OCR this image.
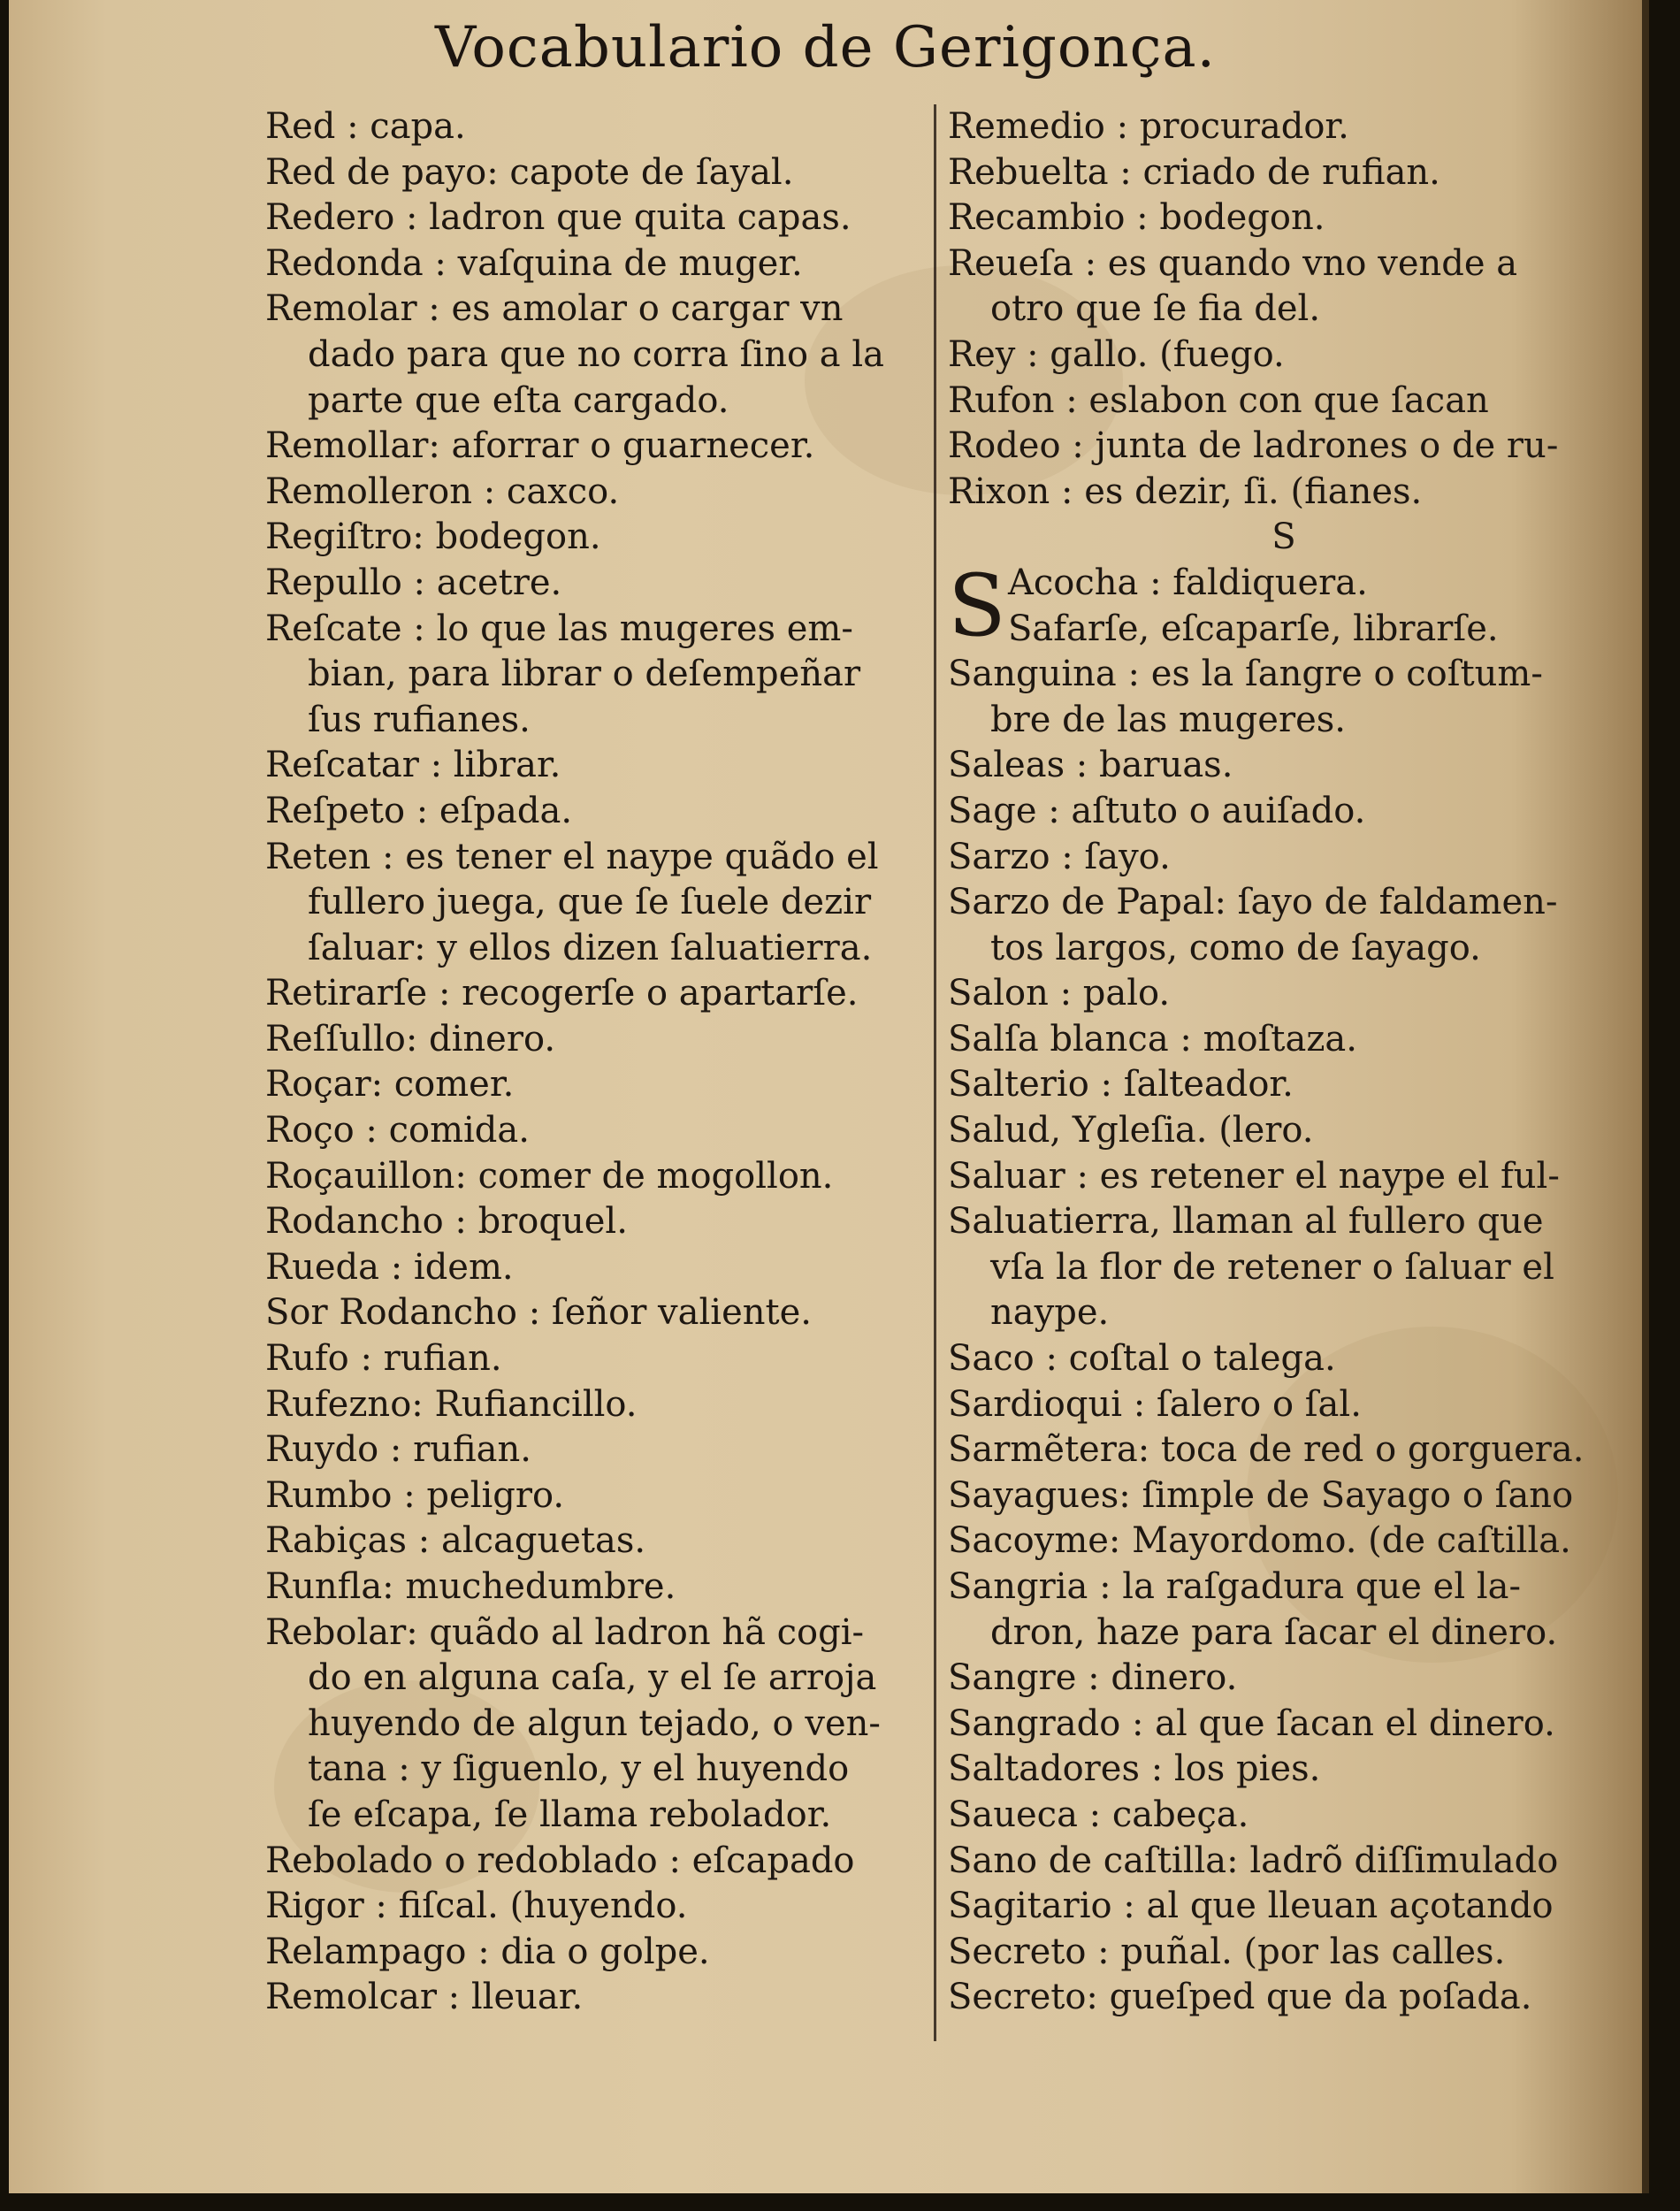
Vocabulario de Gerigonça.
Red : capa.
Red de payo: capote de ſayal.
Redero : ladron que quita capas.
Redonda : vaſquina de muger.
Remolar : es amolar o cargar vn
dado para que no corra ſino a la
parte que eſta cargado.
Remollar: aforrar o guarnecer.
Remolleron : caxco.
Regiſtro: bodegon.
Repullo : acetre.
Reſcate : lo que las mugeres em-
bian, para librar o deſempeñar
ſus rufianes.
Reſcatar : librar.
Reſpeto : eſpada.
Reten : es tener el naype quãdo el
fullero juega, que ſe ſuele dezir
ſaluar: y ellos dizen ſaluatierra.
Retirarſe : recogerſe o apartarſe.
Reſſullo: dinero.
Roçar: comer.
Roço : comida.
Roçauillon: comer de mogollon.
Rodancho : broquel.
Rueda : idem.
Sor Rodancho : ſeñor valiente.
Rufo : rufian.
Rufezno: Rufiancillo.
Ruydo : rufian.
Rumbo : peligro.
Rabiças : alcaguetas.
Runfla: muchedumbre.
Rebolar: quãdo al ladron hã cogi-
do en alguna caſa, y el ſe arroja
huyendo de algun tejado, o ven-
tana : y ſiguenlo, y el huyendo
ſe eſcapa, ſe llama rebolador.
Rebolado o redoblado : eſcapado
Rigor : fiſcal. (huyendo.
Relampago : dia o golpe.
Remolcar : lleuar.
Remedio : procurador.
Rebuelta : criado de rufian.
Recambio : bodegon.
Reueſa : es quando vno vende a
otro que ſe fia del.
Rey : gallo. (fuego.
Rufon : eslabon con que ſacan
Rodeo : junta de ladrones o de ru-
Rixon : es dezir, ſi. (fianes.
S
S Acocha : faldiquera.
Safarſe, eſcaparſe, librarſe.
Sanguina : es la ſangre o coſtum-
bre de las mugeres.
Saleas : baruas.
Sage : aſtuto o auiſado.
Sarzo : ſayo.
Sarzo de Papal: ſayo de faldamen-
tos largos, como de ſayago.
Salon : palo.
Salſa blanca : moſtaza.
Salterio : ſalteador.
Salud, Ygleſia. (lero.
Saluar : es retener el naype el ful-
Saluatierra, llaman al fullero que
vſa la flor de retener o ſaluar el
naype.
Saco : coſtal o talega.
Sardioqui : ſalero o ſal.
Sarmẽtera: toca de red o gorguera.
Sayagues: ſimple de Sayago o ſano
Sacoyme: Mayordomo. (de caſtilla.
Sangria : la raſgadura que el la-
dron, haze para ſacar el dinero.
Sangre : dinero.
Sangrado : al que ſacan el dinero.
Saltadores : los pies.
Saueca : cabeça.
Sano de caſtilla: ladrõ diſſimulado
Sagitario : al que lleuan açotando
Secreto : puñal. (por las calles.
Secreto: gueſped que da poſada.
